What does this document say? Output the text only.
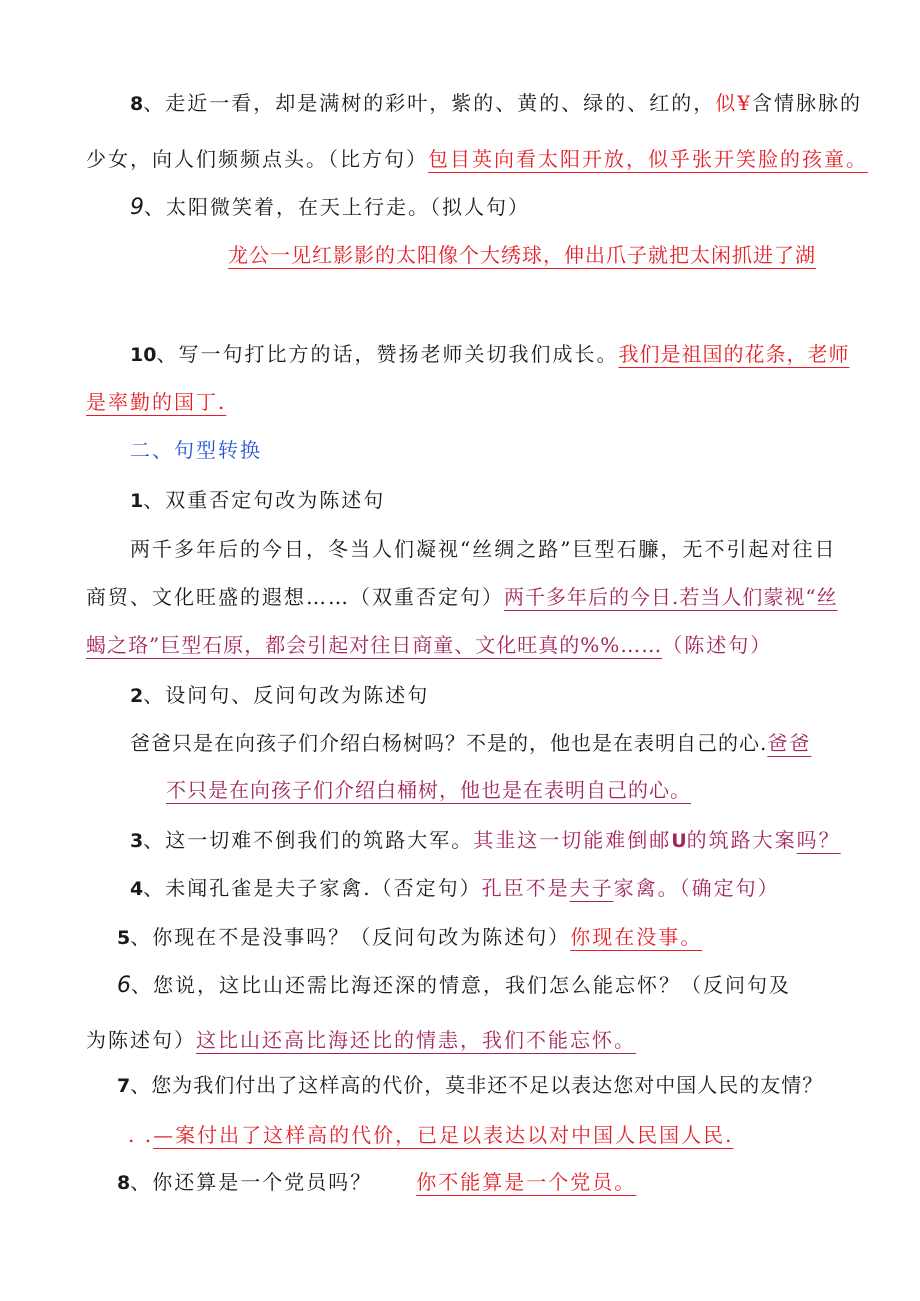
8、走近一看，却是满树的彩叶，紫的、黄的、绿的、红的，似¥含情脉脉的
少女，向人们频频点头。（比方句）包目英向看太阳开放，似乎张开笑脸的孩童。
9、太阳微笑着，在天上行走。（拟人句）
龙公一见红影影的太阳像个大绣球，伸出爪子就把太闲抓进了湖
10、写一句打比方的话，赞扬老师关切我们成长。我们是祖国的花条，老师
是率勤的国丁.
二、句型转换
1、双重否定句改为陈述句
两千多年后的今日，冬当人们凝视“丝绸之路”巨型石臁，无不引起对往日
商贸、文化旺盛的遐想……（双重否定句）两千多年后的今日.若当人们蒙视“丝
蝎之珞”巨型石原，都会引起对往日商童、文化旺真的%%……（陈述句）
2、设问句、反问句改为陈述句
爸爸只是在向孩子们介绍白杨树吗？不是的，他也是在表明自己的心.爸爸
不只是在向孩子们介绍白桶树，他也是在表明自己的心。
3、这一切难不倒我们的筑路大军。其韭这一切能难倒邮U的筑路大案吗？
4、未闻孔雀是夫子家禽.（否定句）孔臣不是夫子家禽。（确定句）
5、你现在不是没事吗？（反问句改为陈述句）你现在没事。
6、您说，这比山还需比海还深的情意，我们怎么能忘怀？（反问句及
为陈述句）这比山还高比海还比的情恚，我们不能忘怀。
7、您为我们付出了这样高的代价，莫非还不足以表达您对中国人民的友情？
. .—案付出了这样高的代价，已足以表达以对中国人民国人民.
8、你还算是一个党员吗？ 你不能算是一个党员。
